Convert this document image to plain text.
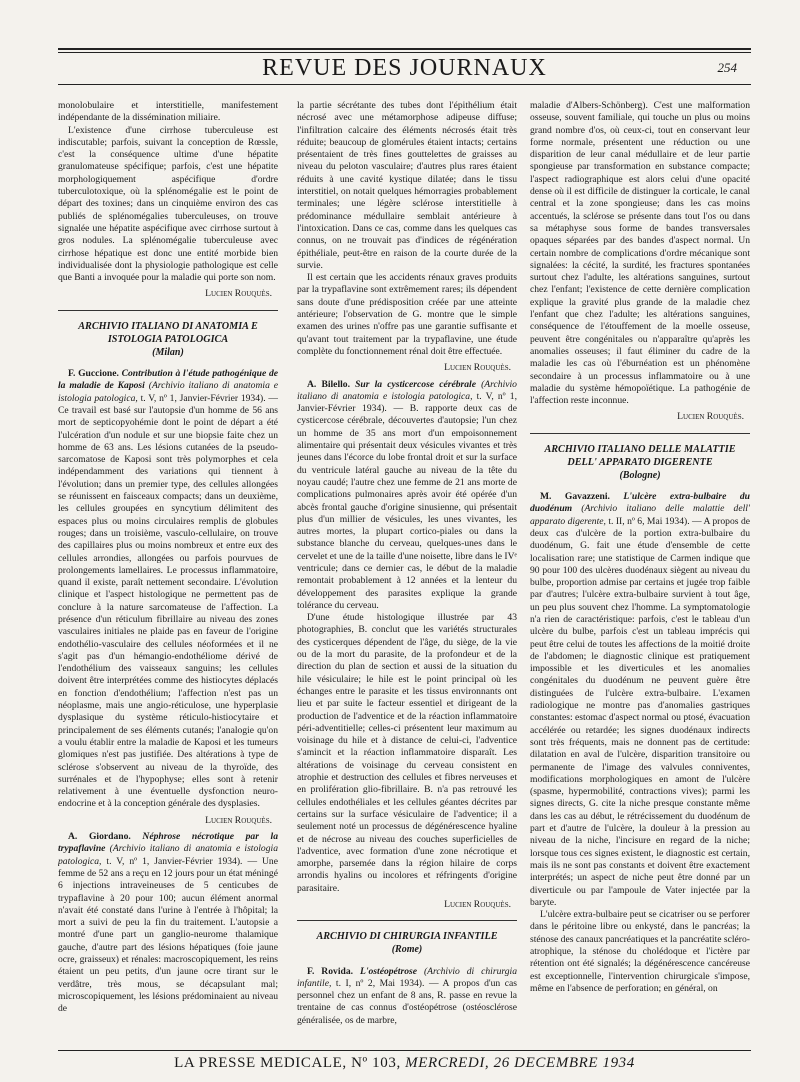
REVUE DES JOURNAUX	254

monolobulaire et interstitielle, manifestement indépendante de la dissémination miliaire.

L'existence d'une cirrhose tuberculeuse est indiscutable; parfois, suivant la conception de Rœssle, c'est la conséquence ultime d'une hépatite granulomateuse spécifique; parfois, c'est une hépatite morphologiquement aspécifique d'ordre tuberculotoxique, où la splénomégalie est le point de départ des toxines; dans un cinquième environ des cas publiés de splénomégalies tuberculeuses, on trouve signalée une hépatite aspécifique avec cirrhose surtout à gros nodules. La splénomégalie tuberculeuse avec cirrhose hépatique est donc une entité morbide bien individualisée dont la physiologie pathologique est celle que Banti a invoquée pour la maladie qui porte son nom.

Lucien Rouquès.
ARCHIVIO ITALIANO DI ANATOMIA E ISTOLOGIA PATOLOGICA
(Milan)

F. Guccione. Contribution à l'étude pathogénique de la maladie de Kaposi (Archivio italiano di anatomia e istologia patologica, t. V, nº 1, Janvier-Février 1934). — Ce travail est basé sur l'autopsie d'un homme de 56 ans mort de septicopyohémie dont le point de départ a été l'ulcération d'un nodule et sur une biopsie faite chez un homme de 63 ans. Les lésions cutanées de la pseudo-sarcomatose de Kaposi sont très polymorphes et cela indépendamment des variations qui tiennent à l'évolution; dans un premier type, des cellules allongées se réunissent en faisceaux compacts; dans un deuxième, les cellules groupées en syncytium délimitent des espaces plus ou moins circulaires remplis de globules rouges; dans un troisième, vasculo-cellulaire, on trouve des capillaires plus ou moins nombreux et entre eux des cellules arrondies, allongées ou parfois pourvues de prolongements lamellaires. Le processus inflammatoire, quand il existe, paraît nettement secondaire. L'évolution clinique et l'aspect histologique ne permettent pas de conclure à la nature sarcomateuse de l'affection. La présence d'un réticulum fibrillaire au niveau des zones vasculaires initiales ne plaide pas en faveur de l'origine endothélio-vasculaire des cellules néoformées et il ne s'agit pas d'un hémangio-endothéliome dérivé de l'endothélium des vaisseaux sanguins; les cellules doivent être interprétées comme des histiocytes déplacés en fonction d'endothélium; l'affection n'est pas un néoplasme, mais une angio-réticulose, une hyperplasie dysplasique du système réticulo-histiocytaire et principalement de ses éléments cutanés; l'analogie qu'on a voulu établir entre la maladie de Kaposi et les tumeurs glomiques n'est pas justifiée. Des altérations à type de sclérose s'observent au niveau de la thyroïde, des surrénales et de l'hypophyse; elles sont à retenir relativement à une éventuelle dysfonction neuro-endocrine et à la conception générale des dysplasies.

Lucien Rouquès.

A. Giordano. Néphrose nécrotique par la trypaflavine (Archivio italiano di anatomia e istologia patologica, t. V, nº 1, Janvier-Février 1934). — Une femme de 52 ans a reçu en 12 jours pour un état méningé 6 injections intraveineuses de 5 centicubes de trypaflavine à 20 pour 100; aucun élément anormal n'avait été constaté dans l'urine à l'entrée à l'hôpital; la mort a suivi de peu la fin du traitement. L'autopsie a montré d'une part un ganglio-neurome thalamique gauche, d'autre part des lésions hépatiques (foie jaune ocre, graisseux) et rénales: macroscopiquement, les reins étaient un peu petits, d'un jaune ocre tirant sur le verdâtre, très mous, se décapsulant mal; microscopiquement, les lésions prédominaient au niveau de

la partie sécrétante des tubes dont l'épithélium était nécrosé avec une métamorphose adipeuse diffuse; l'infiltration calcaire des éléments nécrosés était très réduite; beaucoup de glomérules étaient intacts; certains présentaient de très fines gouttelettes de graisses au niveau du peloton vasculaire; d'autres plus rares étaient réduits à une cavité kystique dilatée; dans le tissu interstitiel, on notait quelques hémorragies probablement terminales; une légère sclérose interstitielle à prédominance médullaire semblait antérieure à l'intoxication. Dans ce cas, comme dans les quelques cas connus, on ne trouvait pas d'indices de régénération épithéliale, peut-être en raison de la courte durée de la survie.

Il est certain que les accidents rénaux graves produits par la trypaflavine sont extrêmement rares; ils dépendent sans doute d'une prédisposition créée par une atteinte antérieure; l'observation de G. montre que le simple examen des urines n'offre pas une garantie suffisante et qu'avant tout traitement par la trypaflavine, une étude complète du fonctionnement rénal doit être effectuée.

Lucien Rouquès.

A. Bilello. Sur la cysticercose cérébrale (Archivio italiano di anatomia e istologia patologica, t. V, nº 1, Janvier-Février 1934). — B. rapporte deux cas de cysticercose cérébrale, découvertes d'autopsie; l'un chez un homme de 35 ans mort d'un empoisonnement alimentaire qui présentait deux vésicules vivantes et très jeunes dans l'écorce du lobe frontal droit et sur la surface du ventricule latéral gauche au niveau de la tête du noyau caudé; l'autre chez une femme de 21 ans morte de complications pulmonaires après avoir été opérée d'un abcès frontal gauche d'origine sinusienne, qui présentait plus d'un millier de vésicules, les unes vivantes, les autres mortes, la plupart cortico-piales ou dans la substance blanche du cerveau, quelques-unes dans le cervelet et une de la taille d'une noisette, libre dans le IVᵉ ventricule; dans ce dernier cas, le début de la maladie remontait probablement à 12 années et la lenteur du développement des parasites explique la grande tolérance du cerveau.

D'une étude histologique illustrée par 43 photographies, B. conclut que les variétés structurales des cysticerques dépendent de l'âge, du siège, de la vie ou de la mort du parasite, de la profondeur et de la direction du plan de section et aussi de la situation du hile vésiculaire; le hile est le point principal où les échanges entre le parasite et les tissus environnants ont lieu et par suite le facteur essentiel et dirigeant de la production de l'adventice et de la réaction inflammatoire péri-adventitielle; celles-ci présentent leur maximum au voisinage du hile et à distance de celui-ci, l'adventice s'amincit et la réaction inflammatoire disparaît. Les altérations de voisinage du cerveau consistent en atrophie et destruction des cellules et fibres nerveuses et en prolifération glio-fibrillaire. B. n'a pas retrouvé les cellules endothéliales et les cellules géantes décrites par certains sur la surface vésiculaire de l'adventice; il a seulement noté un processus de dégénérescence hyaline et de nécrose au niveau des couches superficielles de l'adventice, avec formation d'une zone nécrotique et amorphe, parsemée dans la région hilaire de corps arrondis hyalins ou incolores et réfringents d'origine parasitaire.

Lucien Rouquès.
ARCHIVIO DI CHIRURGIA INFANTILE
(Rome)

F. Rovida. L'ostéopétrose (Archivio di chirurgia infantile, t. I, nº 2, Mai 1934). — A propos d'un cas personnel chez un enfant de 8 ans, R. passe en revue la trentaine de cas connus d'ostéopétrose (ostéosclérose généralisée, os de marbre,

maladie d'Albers-Schönberg). C'est une malformation osseuse, souvent familiale, qui touche un plus ou moins grand nombre d'os, où ceux-ci, tout en conservant leur forme normale, présentent une réduction ou une disparition de leur canal médullaire et de leur partie spongieuse par transformation en substance compacte; l'aspect radiographique est alors celui d'une opacité dense où il est difficile de distinguer la corticale, le canal central et la zone spongieuse; dans les cas moins accentués, la sclérose se présente dans tout l'os ou dans sa métaphyse sous forme de bandes transversales opaques séparées par des bandes d'aspect normal. Un certain nombre de complications d'ordre mécanique sont signalées: la cécité, la surdité, les fractures spontanées surtout chez l'adulte, les altérations sanguines, surtout chez l'enfant; l'existence de cette dernière complication explique la gravité plus grande de la maladie chez l'enfant que chez l'adulte; les altérations sanguines, conséquence de l'étouffement de la moelle osseuse, peuvent être congénitales ou n'apparaître qu'après les anomalies osseuses; il faut éliminer du cadre de la maladie les cas où l'éburnéation est un phénomène secondaire à un processus inflammatoire ou à une maladie du système hémopoïétique. La pathogénie de l'affection reste inconnue.

Lucien Rouquès.
ARCHIVIO ITALIANO DELLE MALATTIE DELL' APPARATO DIGERENTE
(Bologne)

M. Gavazzeni. L'ulcère extra-bulbaire du duodénum (Archivio italiano delle malattie dell' apparato digerente, t. II, nº 6, Mai 1934). — A propos de deux cas d'ulcère de la portion extra-bulbaire du duodénum, G. fait une étude d'ensemble de cette localisation rare; une statistique de Carmen indique que 90 pour 100 des ulcères duodénaux siègent au niveau du bulbe, proportion admise par certains et jugée trop faible par d'autres; l'ulcère extra-bulbaire survient à tout âge, un peu plus souvent chez l'homme. La symptomatologie n'a rien de caractéristique: parfois, c'est le tableau d'un ulcère du bulbe, parfois c'est un tableau imprécis qui peut être celui de toutes les affections de la moitié droite de l'abdomen; le diagnostic clinique est pratiquement impossible et les diverticules et les anomalies congénitales du duodénum ne peuvent guère être distinguées de l'ulcère extra-bulbaire. L'examen radiologique ne montre pas d'anomalies gastriques constantes: estomac d'aspect normal ou ptosé, évacuation accélérée ou retardée; les signes duodénaux indirects sont très fréquents, mais ne donnent pas de certitude: dilatation en aval de l'ulcère, disparition transitoire ou permanente de l'image des valvules conniventes, modifications morphologiques en amont de l'ulcère (spasme, hypermobilité, contractions vives); parmi les signes directs, G. cite la niche presque constante même dans les cas au début, le rétrécissement du duodénum de part et d'autre de l'ulcère, la douleur à la pression au niveau de la niche, l'incisure en regard de la niche; lorsque tous ces signes existent, le diagnostic est certain, mais ils ne sont pas constants et doivent être exactement interprétés; un aspect de niche peut être donné par un diverticule ou par l'ampoule de Vater injectée par la baryte.

L'ulcère extra-bulbaire peut se cicatriser ou se perforer dans le péritoine libre ou enkysté, dans le pancréas; la sténose des canaux pancréatiques et la pancréatite scléro-atrophique, la sténose du cholédoque et l'ictère par rétention ont été signalés; la dégénérescence cancéreuse est exceptionnelle, l'intervention chirurgicale s'impose, même en l'absence de perforation; en général, on

LA PRESSE MEDICALE, Nº 103, MERCREDI, 26 DECEMBRE 1934
